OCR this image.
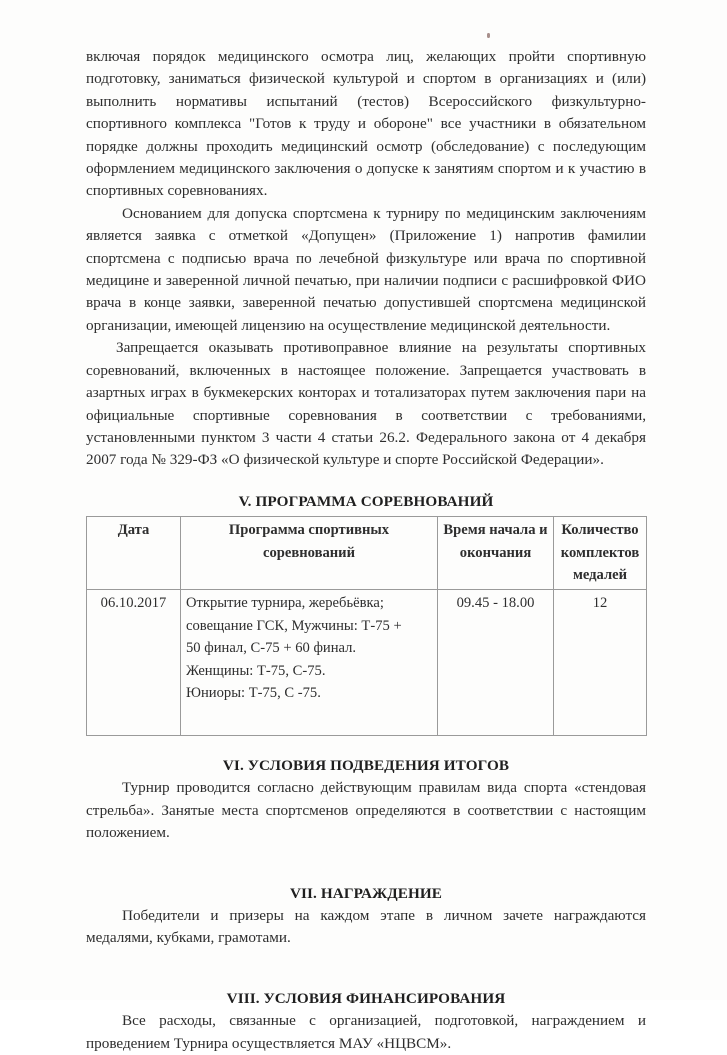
включая порядок медицинского осмотра лиц, желающих пройти спортивную подготовку, заниматься физической культурой и спортом в организациях и (или) выполнить нормативы испытаний (тестов) Всероссийского физкультурно-спортивного комплекса "Готов к труду и обороне" все участники в обязательном порядке должны проходить медицинский осмотр (обследование) с последующим оформлением медицинского заключения о допуске к занятиям спортом и к участию в спортивных соревнованиях.

Основанием для допуска спортсмена к турниру по медицинским заключениям является заявка с отметкой «Допущен» (Приложение 1) напротив фамилии спортсмена с подписью врача по лечебной физкультуре или врача по спортивной медицине и заверенной личной печатью, при наличии подписи с расшифровкой ФИО врача в конце заявки, заверенной печатью допустившей спортсмена медицинской организации, имеющей лицензию на осуществление медицинской деятельности.

Запрещается оказывать противоправное влияние на результаты спортивных соревнований, включенных в настоящее положение. Запрещается участвовать в азартных играх в букмекерских конторах и тотализаторах путем заключения пари на официальные спортивные соревнования в соответствии с требованиями, установленными пунктом 3 части 4 статьи 26.2. Федерального закона от 4 декабря 2007 года № 329-ФЗ «О физической культуре и спорте Российской Федерации».

V. ПРОГРАММА СОРЕВНОВАНИЙ
Дата	Программа спортивных соревнований	Время начала и окончания	Количество комплектов медалей
06.10.2017	Открытие турнира, жеребьёвка;
совещание ГСК, Мужчины: Т-75 +
50 финал, С-75 + 60 финал.
Женщины: Т-75, С-75.
Юниоры: Т-75, С -75.	09.45 - 18.00	12
VI. УСЛОВИЯ ПОДВЕДЕНИЯ ИТОГОВ

Турнир проводится согласно действующим правилам вида спорта «стендовая стрельба». Занятые места спортсменов определяются в соответствии с настоящим положением.

VII. НАГРАЖДЕНИЕ

Победители и призеры на каждом этапе в личном зачете награждаются медалями, кубками, грамотами.

VIII. УСЛОВИЯ ФИНАНСИРОВАНИЯ

Все расходы, связанные с организацией, подготовкой, награждением и проведением Турнира осуществляется МАУ «НЦВСМ».
